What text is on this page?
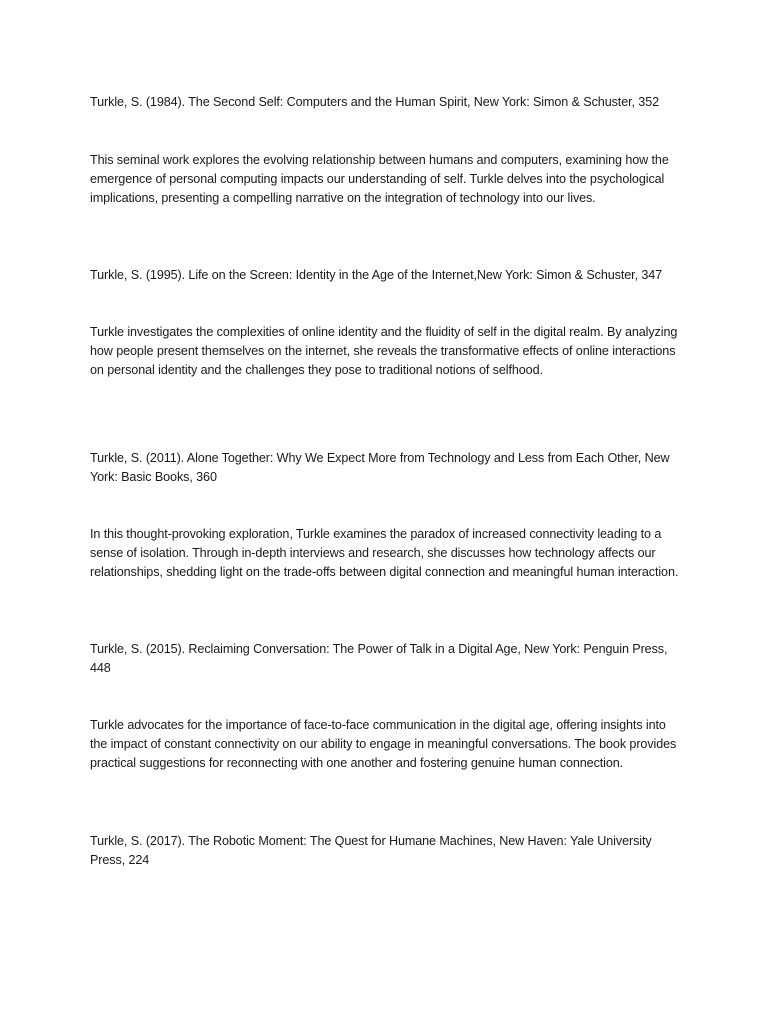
Turkle, S. (1984). The Second Self: Computers and the Human Spirit, New York: Simon & Schuster, 352

This seminal work explores the evolving relationship between humans and computers, examining how the emergence of personal computing impacts our understanding of self. Turkle delves into the psychological implications, presenting a compelling narrative on the integration of technology into our lives.

Turkle, S. (1995). Life on the Screen: Identity in the Age of the Internet,New York: Simon & Schuster, 347

Turkle investigates the complexities of online identity and the fluidity of self in the digital realm. By analyzing how people present themselves on the internet, she reveals the transformative effects of online interactions on personal identity and the challenges they pose to traditional notions of selfhood.

Turkle, S. (2011). Alone Together: Why We Expect More from Technology and Less from Each Other, New York: Basic Books, 360

In this thought-provoking exploration, Turkle examines the paradox of increased connectivity leading to a sense of isolation. Through in-depth interviews and research, she discusses how technology affects our relationships, shedding light on the trade-offs between digital connection and meaningful human interaction.

Turkle, S. (2015). Reclaiming Conversation: The Power of Talk in a Digital Age, New York: Penguin Press, 448

Turkle advocates for the importance of face-to-face communication in the digital age, offering insights into the impact of constant connectivity on our ability to engage in meaningful conversations. The book provides practical suggestions for reconnecting with one another and fostering genuine human connection.

Turkle, S. (2017). The Robotic Moment: The Quest for Humane Machines, New Haven: Yale University Press, 224
